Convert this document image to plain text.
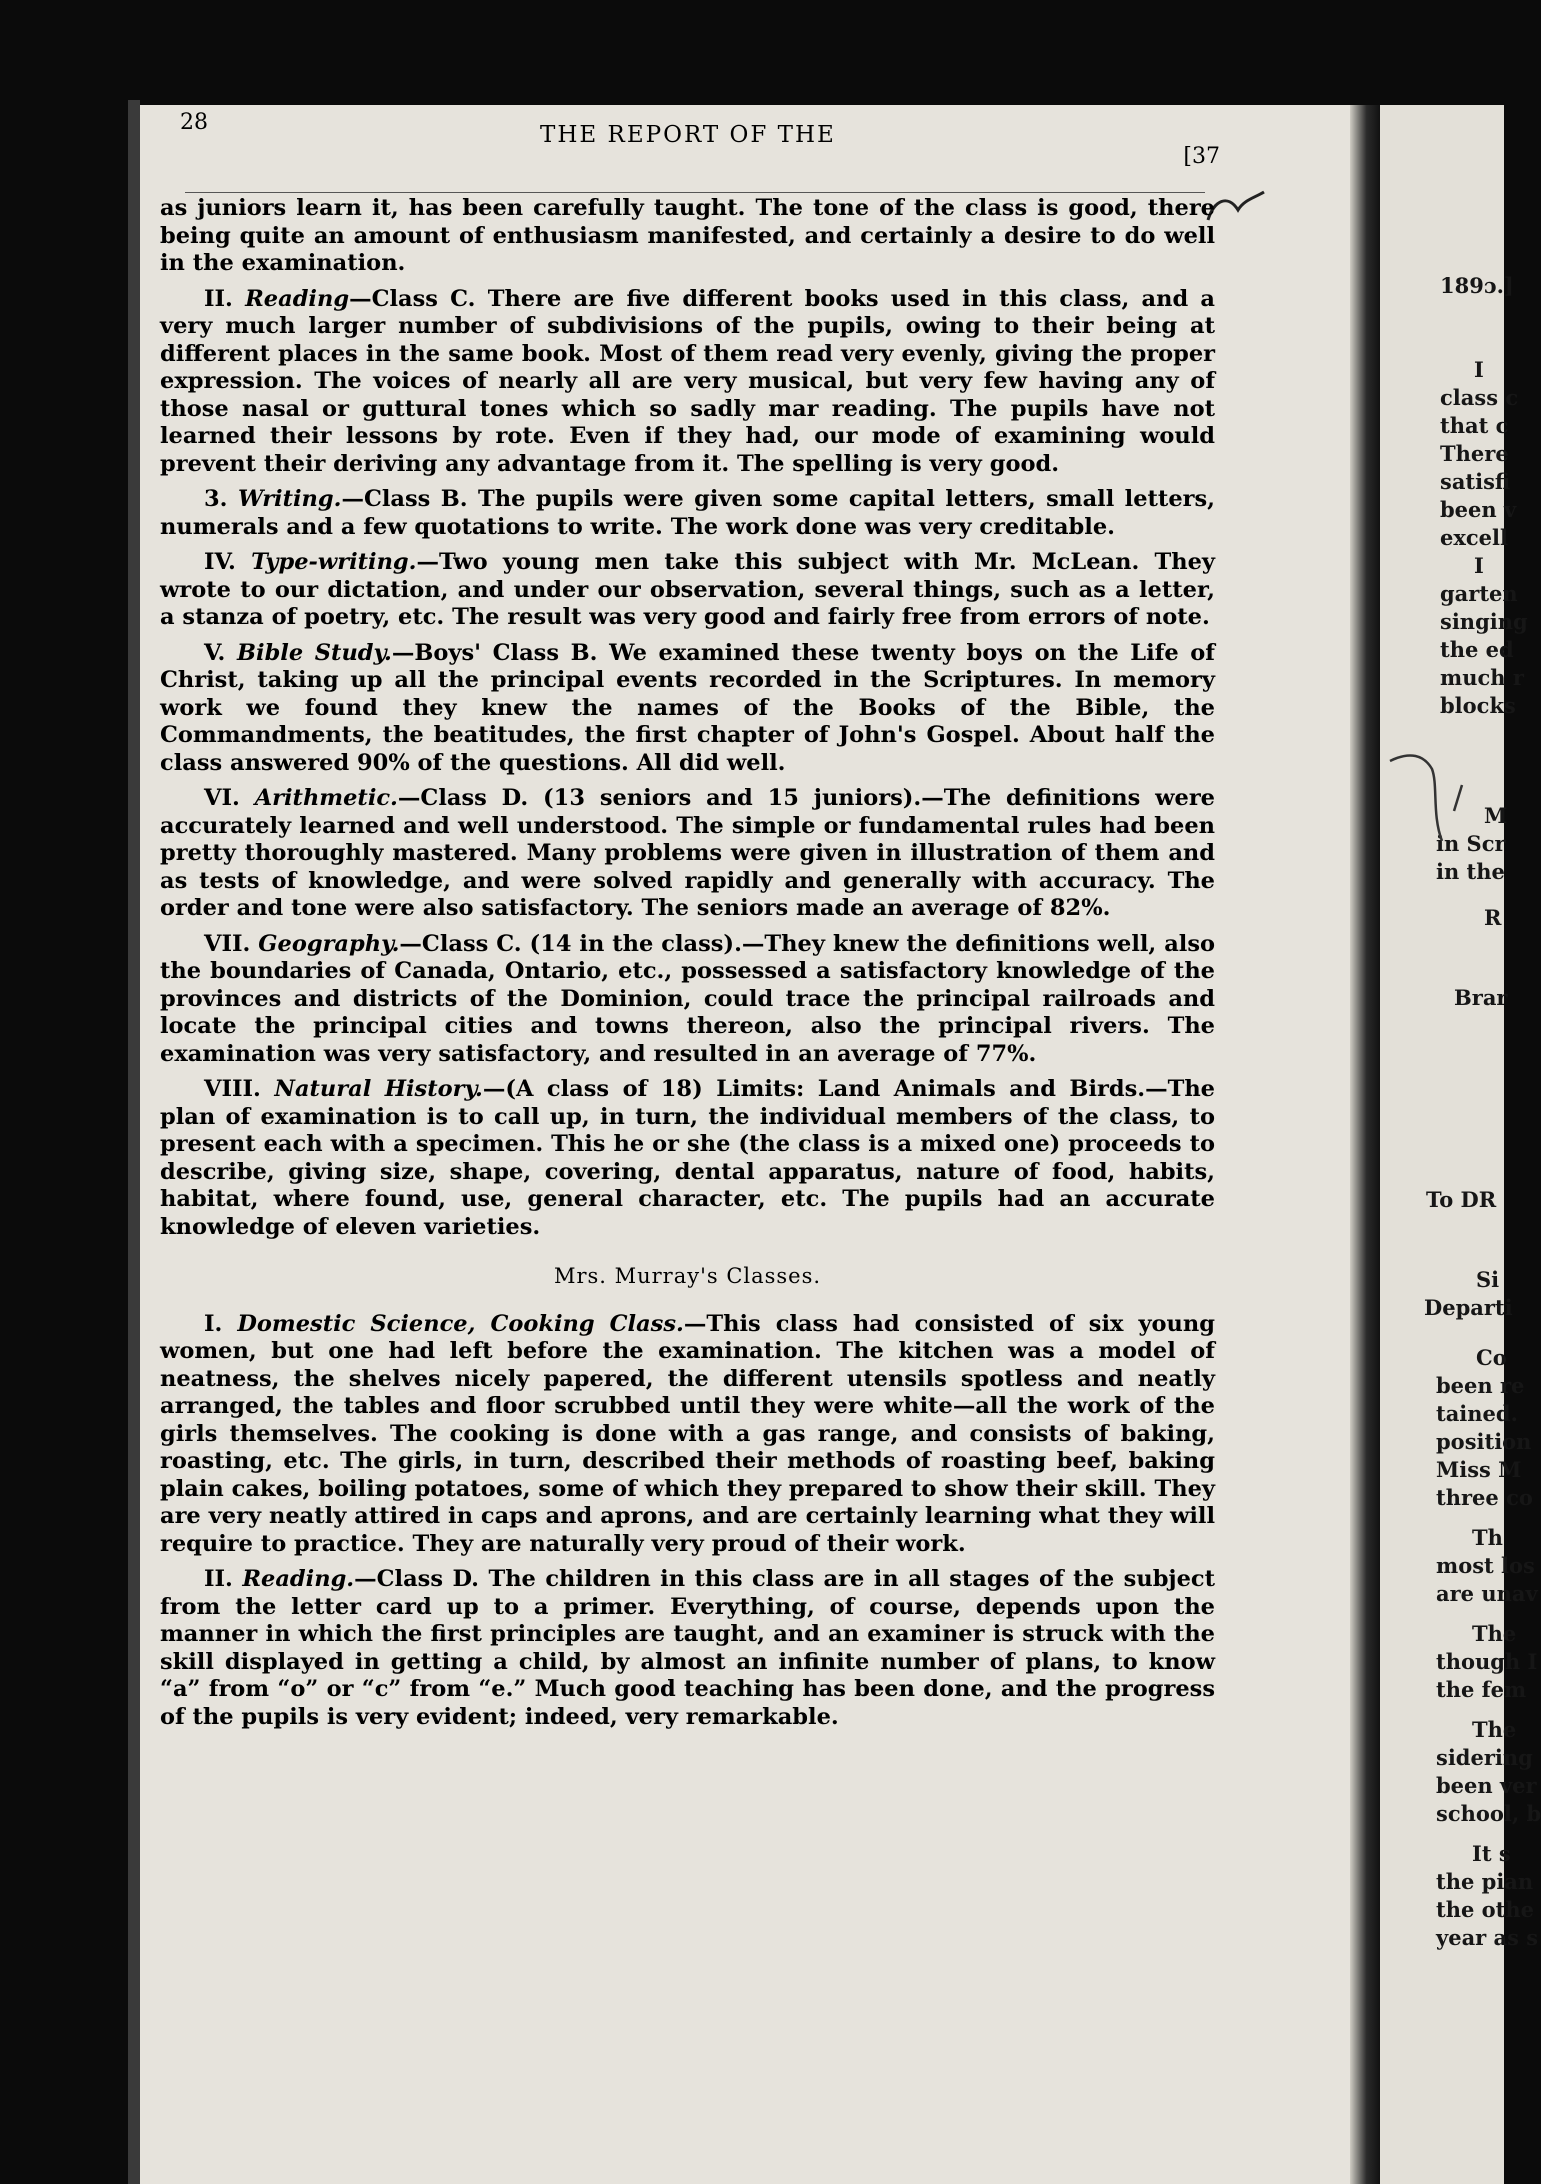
189ɔ.]
I
class c
that c
There
satisfi
been v
excell
I
garten
singing
the ed
much r
blocks
M
in Scr
in the
R
Brar
To DR
Si
Departi
Co
been re
tained.
position
Miss M
three co
Th
most los
are unav
The
though I
the fem
The
sidering
been ver
school, b
It s
the pian
the othe
year as s
28	THE REPORT OF THE
[37

as juniors learn it, has been carefully taught. The tone of the class is good, there being quite an amount of enthusiasm manifested, and certainly a desire to do well in the examination.

II. Reading—Class C. There are five different books used in this class, and a very much larger number of subdivisions of the pupils, owing to their being at different places in the same book. Most of them read very evenly, giving the proper expression. The voices of nearly all are very musical, but very few having any of those nasal or guttural tones which so sadly mar reading. The pupils have not learned their lessons by rote. Even if they had, our mode of examining would prevent their deriving any advantage from it. The spelling is very good.

3. Writing.—Class B. The pupils were given some capital letters, small letters, numerals and a few quotations to write. The work done was very creditable.

IV. Type-writing.—Two young men take this subject with Mr. McLean. They wrote to our dictation, and under our observation, several things, such as a letter, a stanza of poetry, etc. The result was very good and fairly free from errors of note.

V. Bible Study.—Boys' Class B. We examined these twenty boys on the Life of Christ, taking up all the principal events recorded in the Scriptures. In memory work we found they knew the names of the Books of the Bible, the Commandments, the beatitudes, the first chapter of John's Gospel. About half the class answered 90% of the questions. All did well.

VI. Arithmetic.—Class D. (13 seniors and 15 juniors).—The definitions were accurately learned and well understood. The simple or fundamental rules had been pretty thoroughly mastered. Many problems were given in illustration of them and as tests of knowledge, and were solved rapidly and generally with accuracy. The order and tone were also satisfactory. The seniors made an average of 82%.

VII. Geography.—Class C. (14 in the class).—They knew the definitions well, also the boundaries of Canada, Ontario, etc., possessed a satisfactory knowledge of the provinces and districts of the Dominion, could trace the principal railroads and locate the principal cities and towns thereon, also the principal rivers. The examination was very satisfactory, and resulted in an average of 77%.

VIII. Natural History.—(A class of 18) Limits: Land Animals and Birds.—The plan of examination is to call up, in turn, the individual members of the class, to present each with a specimen. This he or she (the class is a mixed one) proceeds to describe, giving size, shape, covering, dental apparatus, nature of food, habits, habitat, where found, use, general character, etc. The pupils had an accurate knowledge of eleven varieties.

Mrs. Murray's Classes.

I. Domestic Science, Cooking Class.—This class had consisted of six young women, but one had left before the examination. The kitchen was a model of neatness, the shelves nicely papered, the different utensils spotless and neatly arranged, the tables and floor scrubbed until they were white—all the work of the girls themselves. The cooking is done with a gas range, and consists of baking, roasting, etc. The girls, in turn, described their methods of roasting beef, baking plain cakes, boiling potatoes, some of which they prepared to show their skill. They are very neatly attired in caps and aprons, and are certainly learning what they will require to practice. They are naturally very proud of their work.

II. Reading.—Class D. The children in this class are in all stages of the subject from the letter card up to a primer. Everything, of course, depends upon the manner in which the first principles are taught, and an examiner is struck with the skill displayed in getting a child, by almost an infinite number of plans, to know “a” from “o” or “c” from “e.” Much good teaching has been done, and the progress of the pupils is very evident; indeed, very remarkable.
